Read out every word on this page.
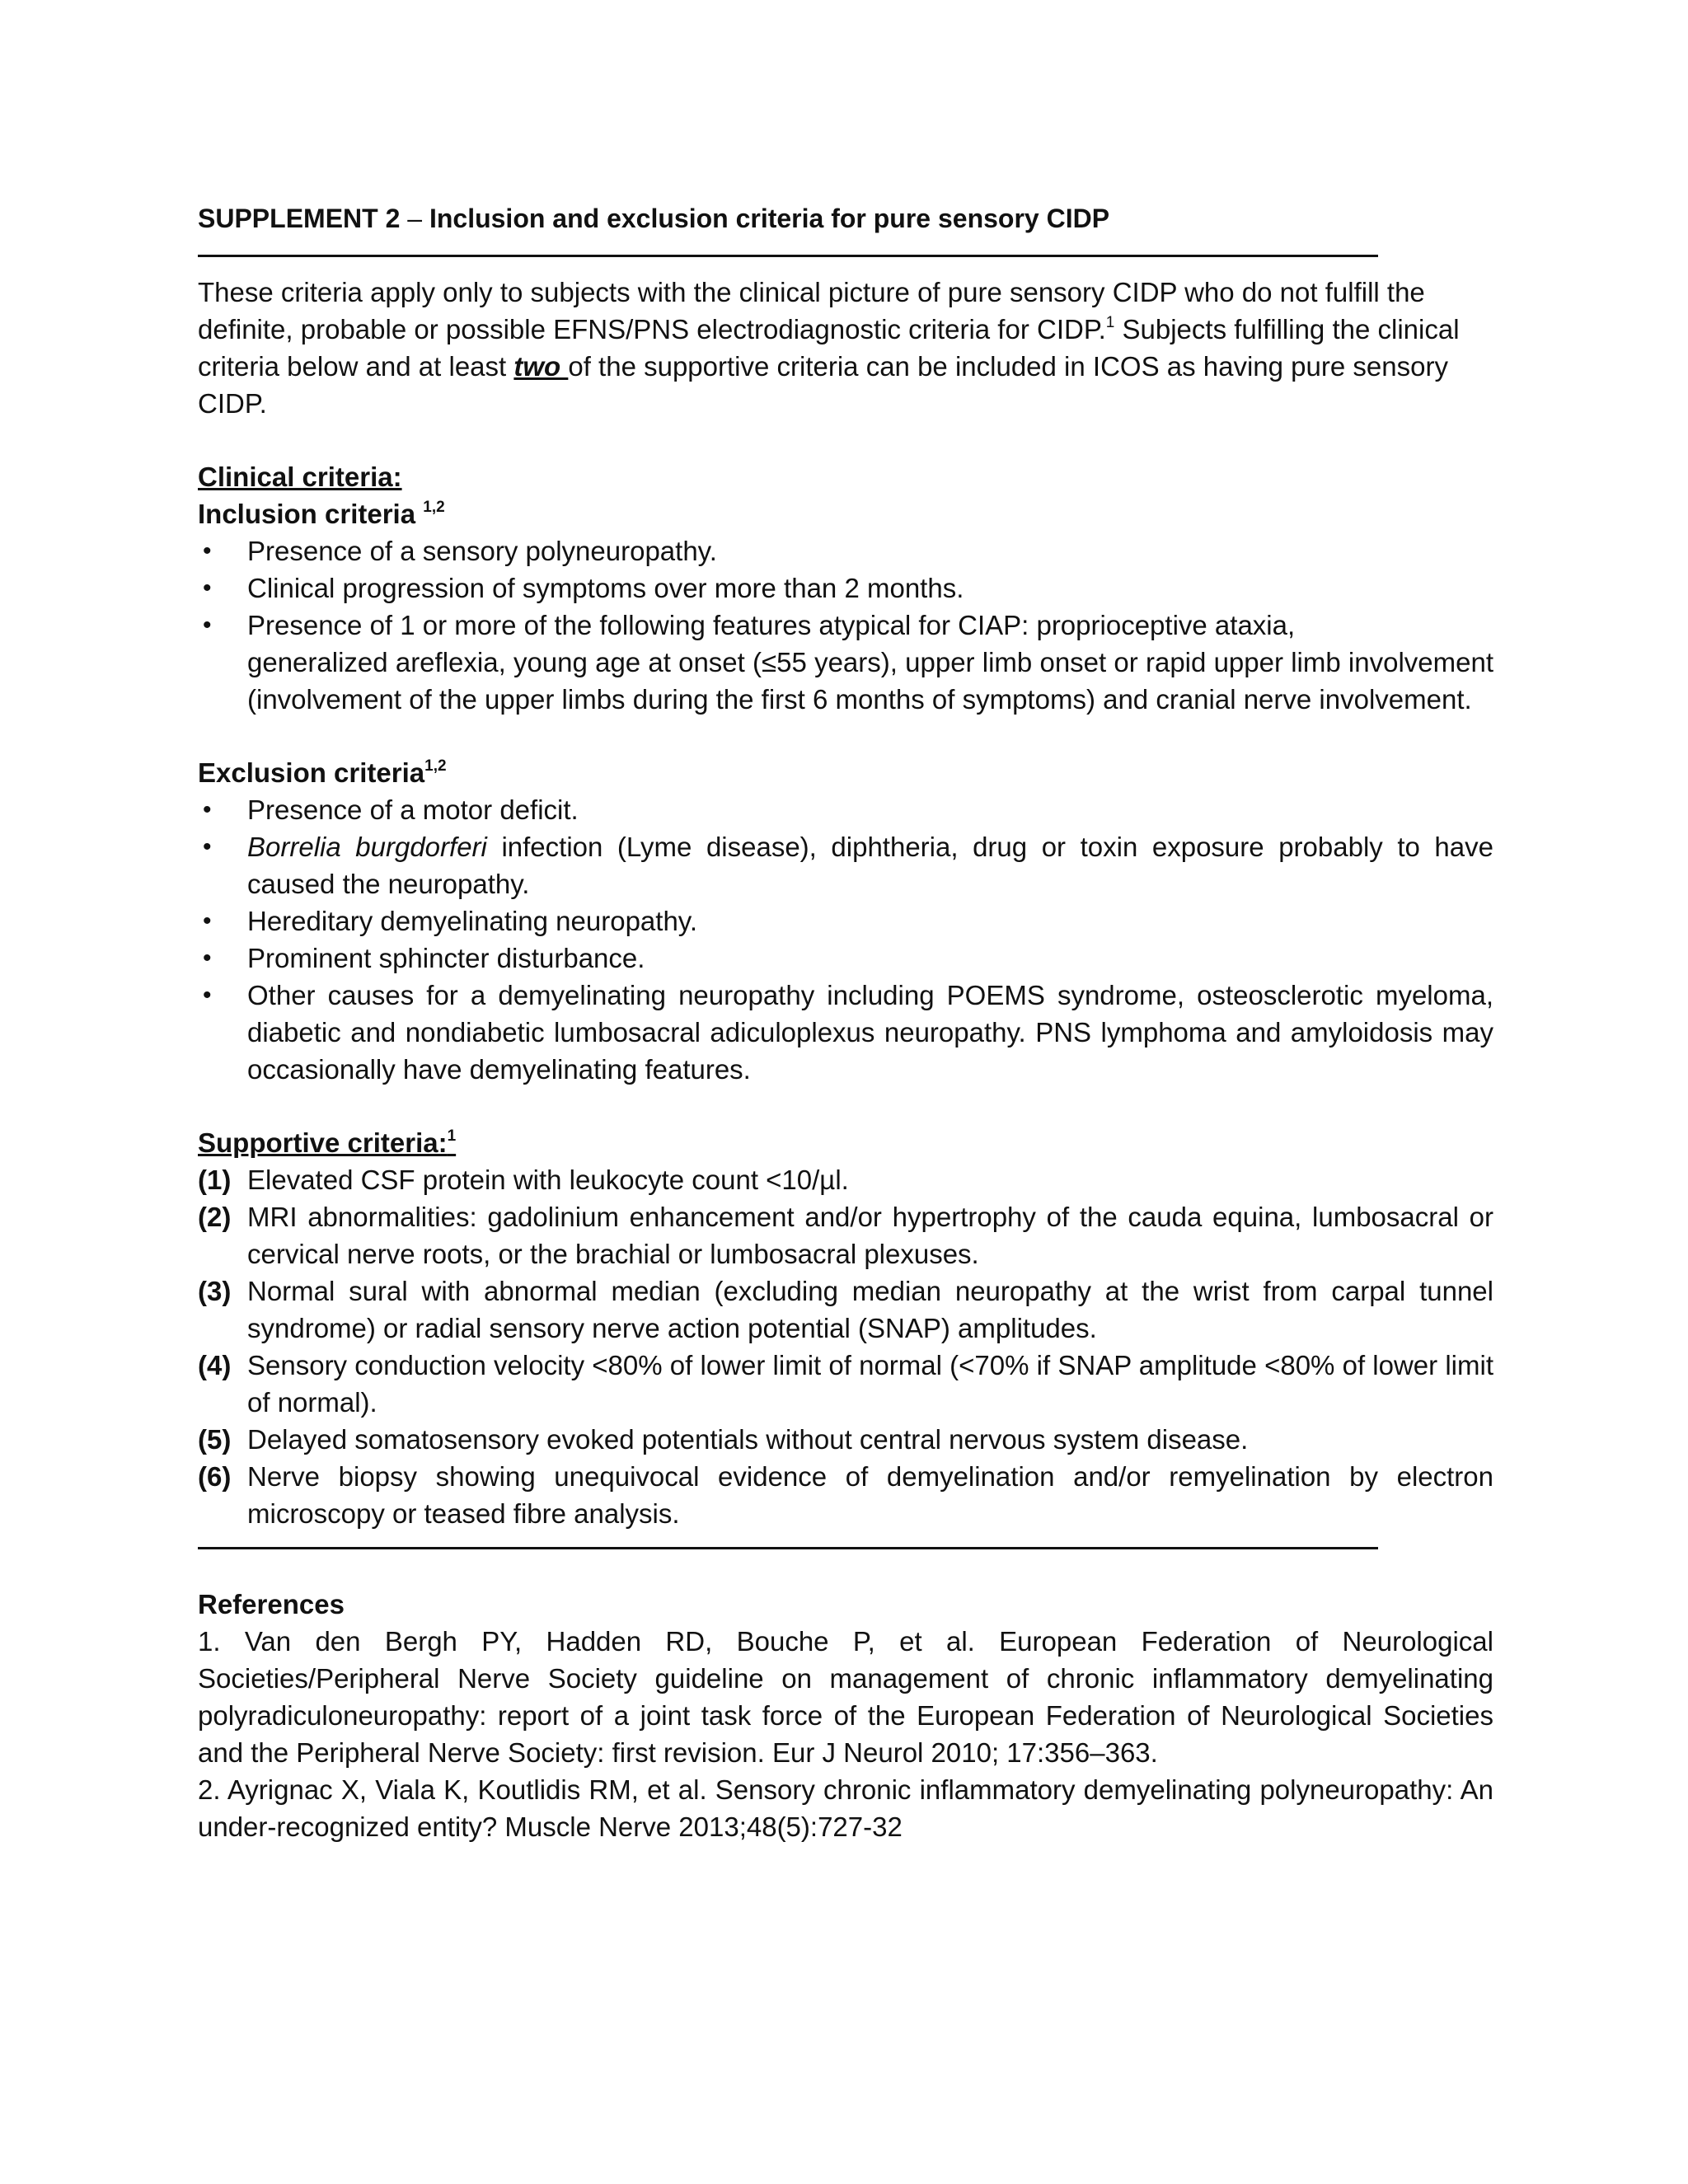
SUPPLEMENT 2 – Inclusion and exclusion criteria for pure sensory CIDP

These criteria apply only to subjects with the clinical picture of pure sensory CIDP who do not fulfill the definite, probable or possible EFNS/PNS electrodiagnostic criteria for CIDP.$^1$ Subjects fulfilling the clinical criteria below and at least two of the supportive criteria can be included in ICOS as having pure sensory CIDP.

Clinical criteria:

Inclusion criteria $^{1,2}$

• Presence of a sensory polyneuropathy.
• Clinical progression of symptoms over more than 2 months.
• Presence of 1 or more of the following features atypical for CIAP: proprioceptive ataxia,
generalized areflexia, young age at onset (≤55 years), upper limb onset or rapid upper limb involvement (involvement of the upper limbs during the first 6 months of symptoms) and cranial nerve involvement.

Exclusion criteria$^{1,2}$

• Presence of a motor deficit.
• Borrelia burgdorferi infection (Lyme disease), diphtheria, drug or toxin exposure probably to have caused the neuropathy.
• Hereditary demyelinating neuropathy.
• Prominent sphincter disturbance.
• Other causes for a demyelinating neuropathy including POEMS syndrome, osteosclerotic myeloma, diabetic and nondiabetic lumbosacral adiculoplexus neuropathy. PNS lymphoma and amyloidosis may occasionally have demyelinating features.

Supportive criteria:$^1$

(1) Elevated CSF protein with leukocyte count <10/µl.
(2) MRI abnormalities: gadolinium enhancement and/or hypertrophy of the cauda equina, lumbosacral or cervical nerve roots, or the brachial or lumbosacral plexuses.
(3) Normal sural with abnormal median (excluding median neuropathy at the wrist from carpal tunnel syndrome) or radial sensory nerve action potential (SNAP) amplitudes.
(4) Sensory conduction velocity <80% of lower limit of normal (<70% if SNAP amplitude <80% of lower limit of normal).
(5) Delayed somatosensory evoked potentials without central nervous system disease.
(6) Nerve biopsy showing unequivocal evidence of demyelination and/or remyelination by electron microscopy or teased fibre analysis.

References

1. Van den Bergh PY, Hadden RD, Bouche P, et al. European Federation of Neurological Societies/Peripheral Nerve Society guideline on management of chronic inflammatory demyelinating polyradiculoneuropathy: report of a joint task force of the European Federation of Neurological Societies and the Peripheral Nerve Society: first revision. Eur J Neurol 2010; 17:356–363.

2. Ayrignac X, Viala K, Koutlidis RM, et al. Sensory chronic inflammatory demyelinating polyneuropathy: An under-recognized entity? Muscle Nerve 2013;48(5):727-32
